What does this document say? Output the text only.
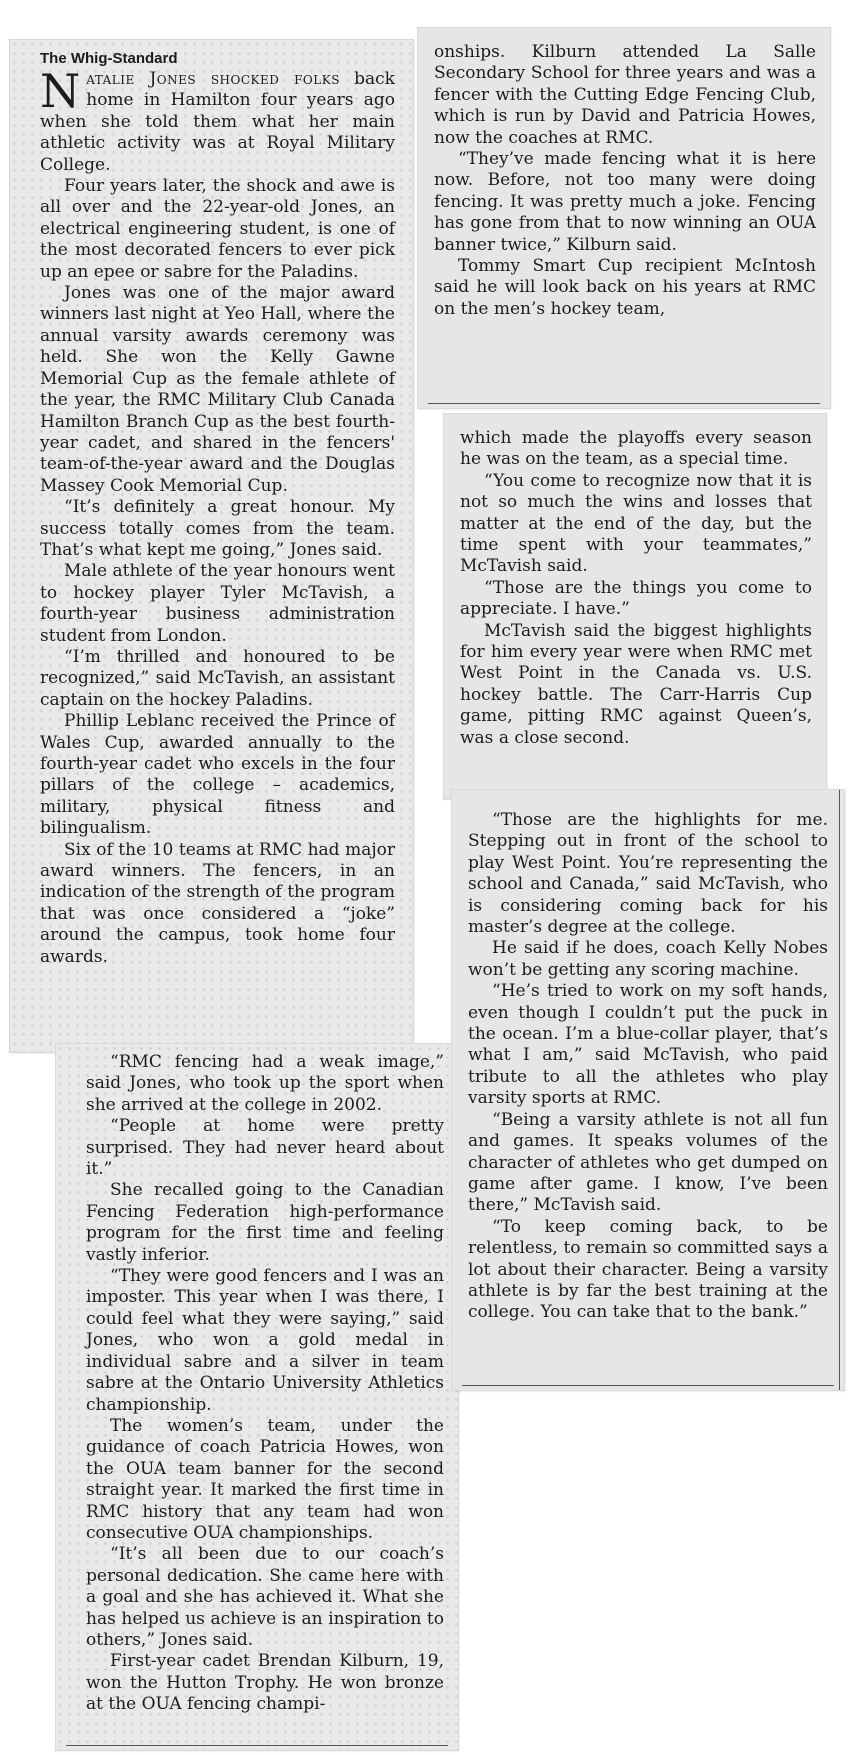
The Whig-Standard

Natalie Jones shocked folks back home in Hamilton four years ago when she told them what her main athletic activity was at Royal Military College.

Four years later, the shock and awe is all over and the 22-year-old Jones, an electrical engineering student, is one of the most decorated fencers to ever pick up an epee or sabre for the Paladins.

Jones was one of the major award winners last night at Yeo Hall, where the annual varsity awards ceremony was held. She won the Kelly Gawne Memorial Cup as the female athlete of the year, the RMC Military Club Canada Hamilton Branch Cup as the best fourth-year cadet, and shared in the fencers' team-of-the-year award and the Douglas Massey Cook Memorial Cup.

“It’s definitely a great honour. My success totally comes from the team. That’s what kept me going,” Jones said.

Male athlete of the year honours went to hockey player Tyler McTavish, a fourth-year business administration student from London.

“I’m thrilled and honoured to be recognized,” said McTavish, an assistant captain on the hockey Paladins.

Phillip Leblanc received the Prince of Wales Cup, awarded annually to the fourth-year cadet who excels in the four pillars of the college – academics, military, physical fitness and bilingualism.

Six of the 10 teams at RMC had major award winners. The fencers, in an indication of the strength of the program that was once considered a “joke” around the campus, took home four awards.

“RMC fencing had a weak image,” said Jones, who took up the sport when she arrived at the college in 2002.

“People at home were pretty surprised. They had never heard about it.”

She recalled going to the Canadian Fencing Federation high-performance program for the first time and feeling vastly inferior.

“They were good fencers and I was an imposter. This year when I was there, I could feel what they were saying,” said Jones, who won a gold medal in individual sabre and a silver in team sabre at the Ontario University Athletics championship.

The women’s team, under the guidance of coach Patricia Howes, won the OUA team banner for the second straight year. It marked the first time in RMC history that any team had won consecutive OUA championships.

“It’s all been due to our coach’s personal dedication. She came here with a goal and she has achieved it. What she has helped us achieve is an inspiration to others,” Jones said.

First-year cadet Brendan Kilburn, 19, won the Hutton Trophy. He won bronze at the OUA fencing champi-

onships. Kilburn attended La Salle Secondary School for three years and was a fencer with the Cutting Edge Fencing Club, which is run by David and Patricia Howes, now the coaches at RMC.

“They’ve made fencing what it is here now. Before, not too many were doing fencing. It was pretty much a joke. Fencing has gone from that to now winning an OUA banner twice,” Kilburn said.

Tommy Smart Cup recipient McIntosh said he will look back on his years at RMC on the men’s hockey team,

which made the playoffs every season he was on the team, as a special time.

“You come to recognize now that it is not so much the wins and losses that matter at the end of the day, but the time spent with your teammates,” McTavish said.

“Those are the things you come to appreciate. I have.”

McTavish said the biggest highlights for him every year were when RMC met West Point in the Canada vs. U.S. hockey battle. The Carr-Harris Cup game, pitting RMC against Queen’s, was a close second.

“Those are the highlights for me. Stepping out in front of the school to play West Point. You’re representing the school and Canada,” said McTavish, who is considering coming back for his master’s degree at the college.

He said if he does, coach Kelly Nobes won’t be getting any scoring machine.

“He’s tried to work on my soft hands, even though I couldn’t put the puck in the ocean. I’m a blue-collar player, that’s what I am,” said McTavish, who paid tribute to all the athletes who play varsity sports at RMC.

“Being a varsity athlete is not all fun and games. It speaks volumes of the character of athletes who get dumped on game after game. I know, I’ve been there,” McTavish said.

“To keep coming back, to be relentless, to remain so committed says a lot about their character. Being a varsity athlete is by far the best training at the college. You can take that to the bank.”
